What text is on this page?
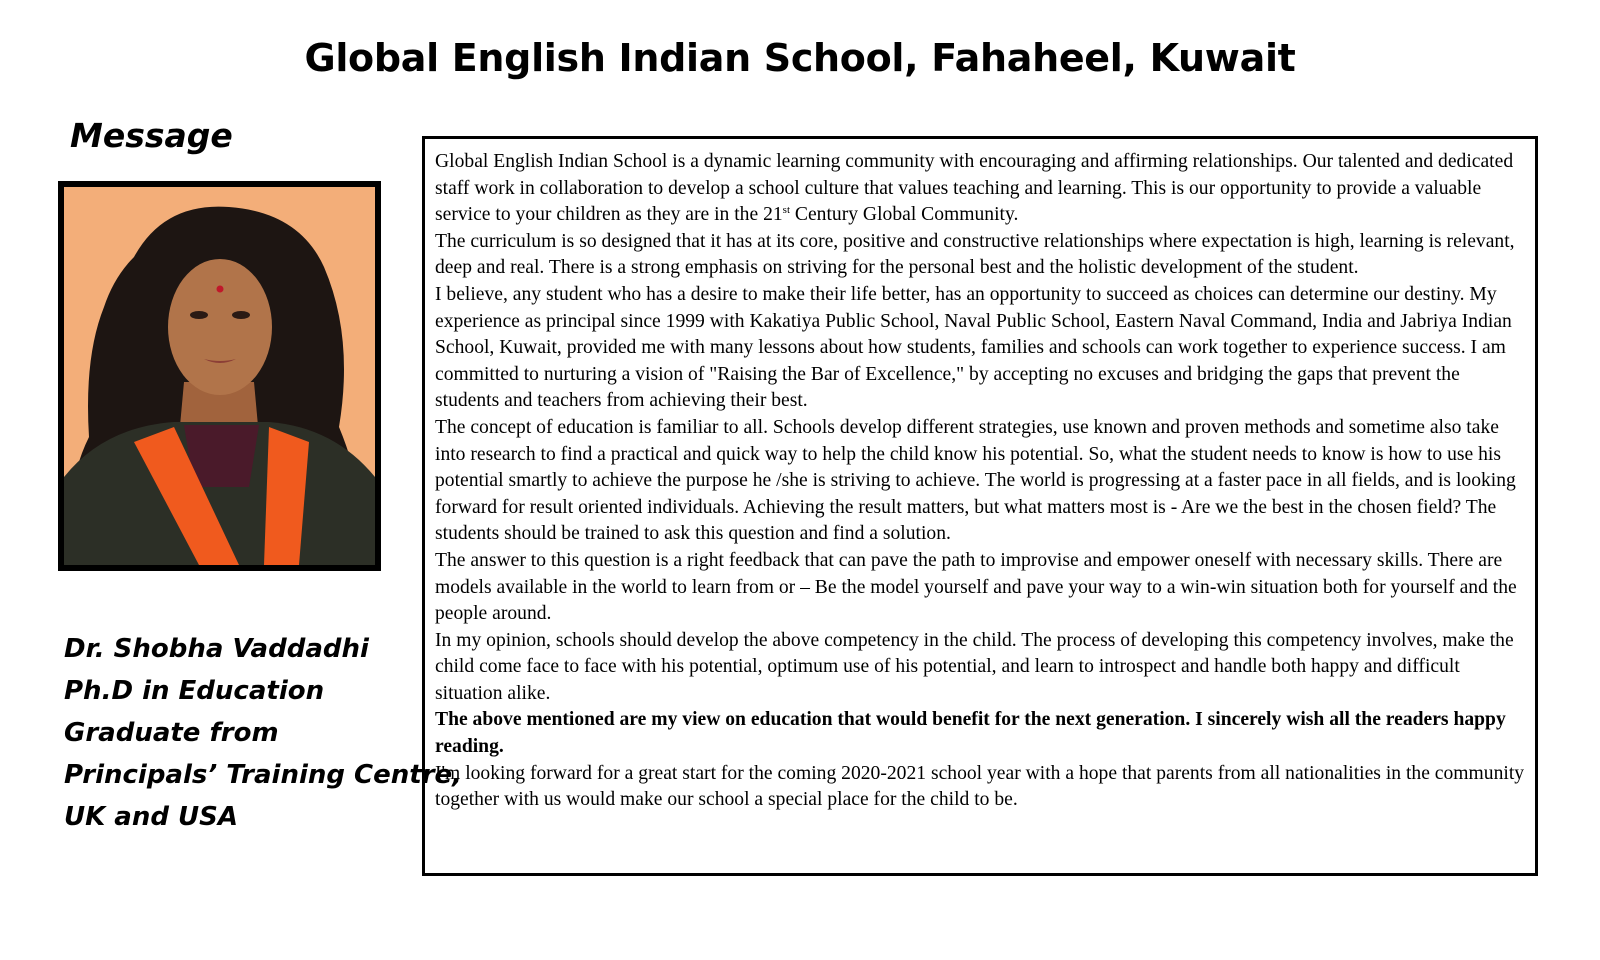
Global English Indian School, Fahaheel, Kuwait
Message
Dr. Shobha Vaddadhi
Ph.D in Education
Graduate from
Principals’ Training Centre,
UK and USA

Global English Indian School is a dynamic learning community with encouraging and affirming relationships. Our talented and dedicated staff work in collaboration to develop a school culture that values teaching and learning. This is our opportunity to provide a valuable service to your children as they are in the 21st Century Global Community.

The curriculum is so designed that it has at its core, positive and constructive relationships where expectation is high, learning is relevant, deep and real. There is a strong emphasis on striving for the personal best and the holistic development of the student.

I believe, any student who has a desire to make their life better, has an opportunity to succeed as choices can determine our destiny. My experience as principal since 1999 with Kakatiya Public School, Naval Public School, Eastern Naval Command, India and Jabriya Indian School, Kuwait, provided me with many lessons about how students, families and schools can work together to experience success. I am committed to nurturing a vision of "Raising the Bar of Excellence," by accepting no excuses and bridging the gaps that prevent the students and teachers from achieving their best.

The concept of education is familiar to all. Schools develop different strategies, use known and proven methods and sometime also take into research to find a practical and quick way to help the child know his potential. So, what the student needs to know is how to use his potential smartly to achieve the purpose he /she is striving to achieve. The world is progressing at a faster pace in all fields, and is looking forward for result oriented individuals. Achieving the result matters, but what matters most is - Are we the best in the chosen field? The students should be trained to ask this question and find a solution.

The answer to this question is a right feedback that can pave the path to improvise and empower oneself with necessary skills. There are models available in the world to learn from or – Be the model yourself and pave your way to a win-win situation both for yourself and the people around.

In my opinion, schools should develop the above competency in the child. The process of developing this competency involves, make the child come face to face with his potential, optimum use of his potential, and learn to introspect and handle both happy and difficult situation alike.

The above mentioned are my view on education that would benefit for the next generation. I sincerely wish all the readers happy reading.

I'm looking forward for a great start for the coming 2020-2021 school year with a hope that parents from all nationalities in the community together with us would make our school a special place for the child to be.
